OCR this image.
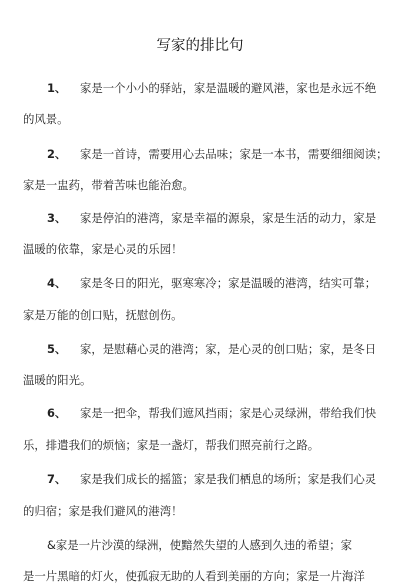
写家的排比句
1、 家是一个小小的驿站，家是温暖的避风港，家也是永远不绝
的风景。
2、 家是一首诗，需要用心去品味；家是一本书，需要细细阅读；
家是一盅药，带着苦味也能治愈。
3、 家是停泊的港湾，家是幸福的源泉，家是生活的动力，家是
温暖的依靠，家是心灵的乐园！
4、 家是冬日的阳光，驱寒寒冷；家是温暖的港湾，结实可靠；
家是万能的创口贴，抚慰创伤。
5、 家，是慰藉心灵的港湾；家，是心灵的创口贴；家，是冬日
温暖的阳光。
6、 家是一把伞，帮我们遮风挡雨；家是心灵绿洲，带给我们快
乐，排遣我们的烦恼；家是一盏灯，帮我们照亮前行之路。
7、 家是我们成长的摇篮；家是我们栖息的场所；家是我们心灵
的归宿；家是我们避风的港湾！
&家是一片沙漠的绿洲，使黯然失望的人感到久违的希望；家
是一片黑暗的灯火，使孤寂无助的人看到美丽的方向；家是一片海洋
